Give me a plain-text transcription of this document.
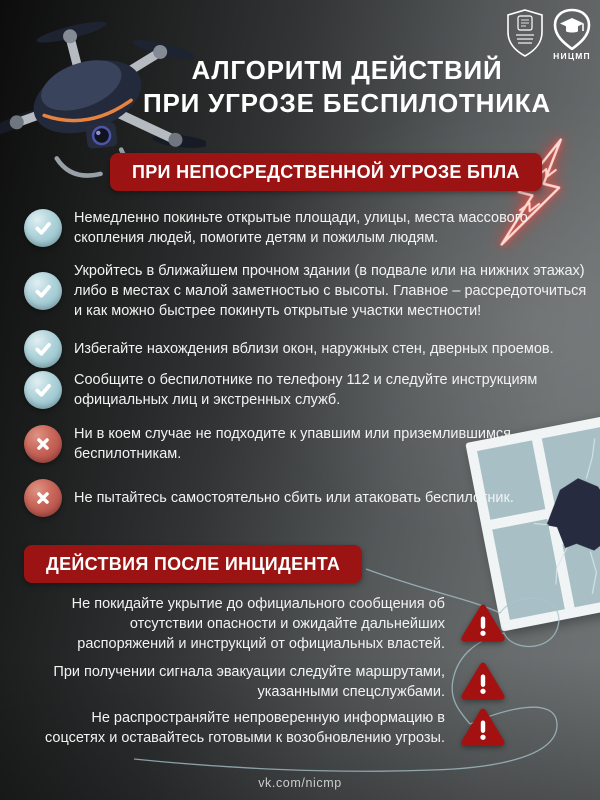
НИЦМП
АЛГОРИТМ ДЕЙСТВИЙ
ПРИ УГРОЗЕ БЕСПИЛОТНИКА
ПРИ НЕПОСРЕДСТВЕННОЙ УГРОЗЕ БПЛА

Немедленно покиньте открытые площади, улицы, места массового скопления людей, помогите детям и пожилым людям.

Укройтесь в ближайшем прочном здании (в подвале или на нижних этажах) либо в местах с малой заметностью с высоты. Главное – рассредоточиться и как можно быстрее покинуть открытые участки местности!

Избегайте нахождения вблизи окон, наружных стен, дверных проемов.

Сообщите о беспилотнике по телефону 112 и следуйте инструкциям официальных лиц и экстренных служб.

Ни в коем случае не подходите к упавшим или приземлившимся беспилотникам.

Не пытайтесь самостоятельно сбить или атаковать беспилотник.

ДЕЙСТВИЯ ПОСЛЕ ИНЦИДЕНТА

Не покидайте укрытие до официального сообщения об отсутствии опасности и ожидайте дальнейших распоряжений и инструкций от официальных властей.

При получении сигнала эвакуации следуйте маршрутами, указанными спецслужбами.

Не распространяйте непроверенную информацию в соцсетях и оставайтесь готовыми к возобновлению угрозы.

vk.com/nicmp
